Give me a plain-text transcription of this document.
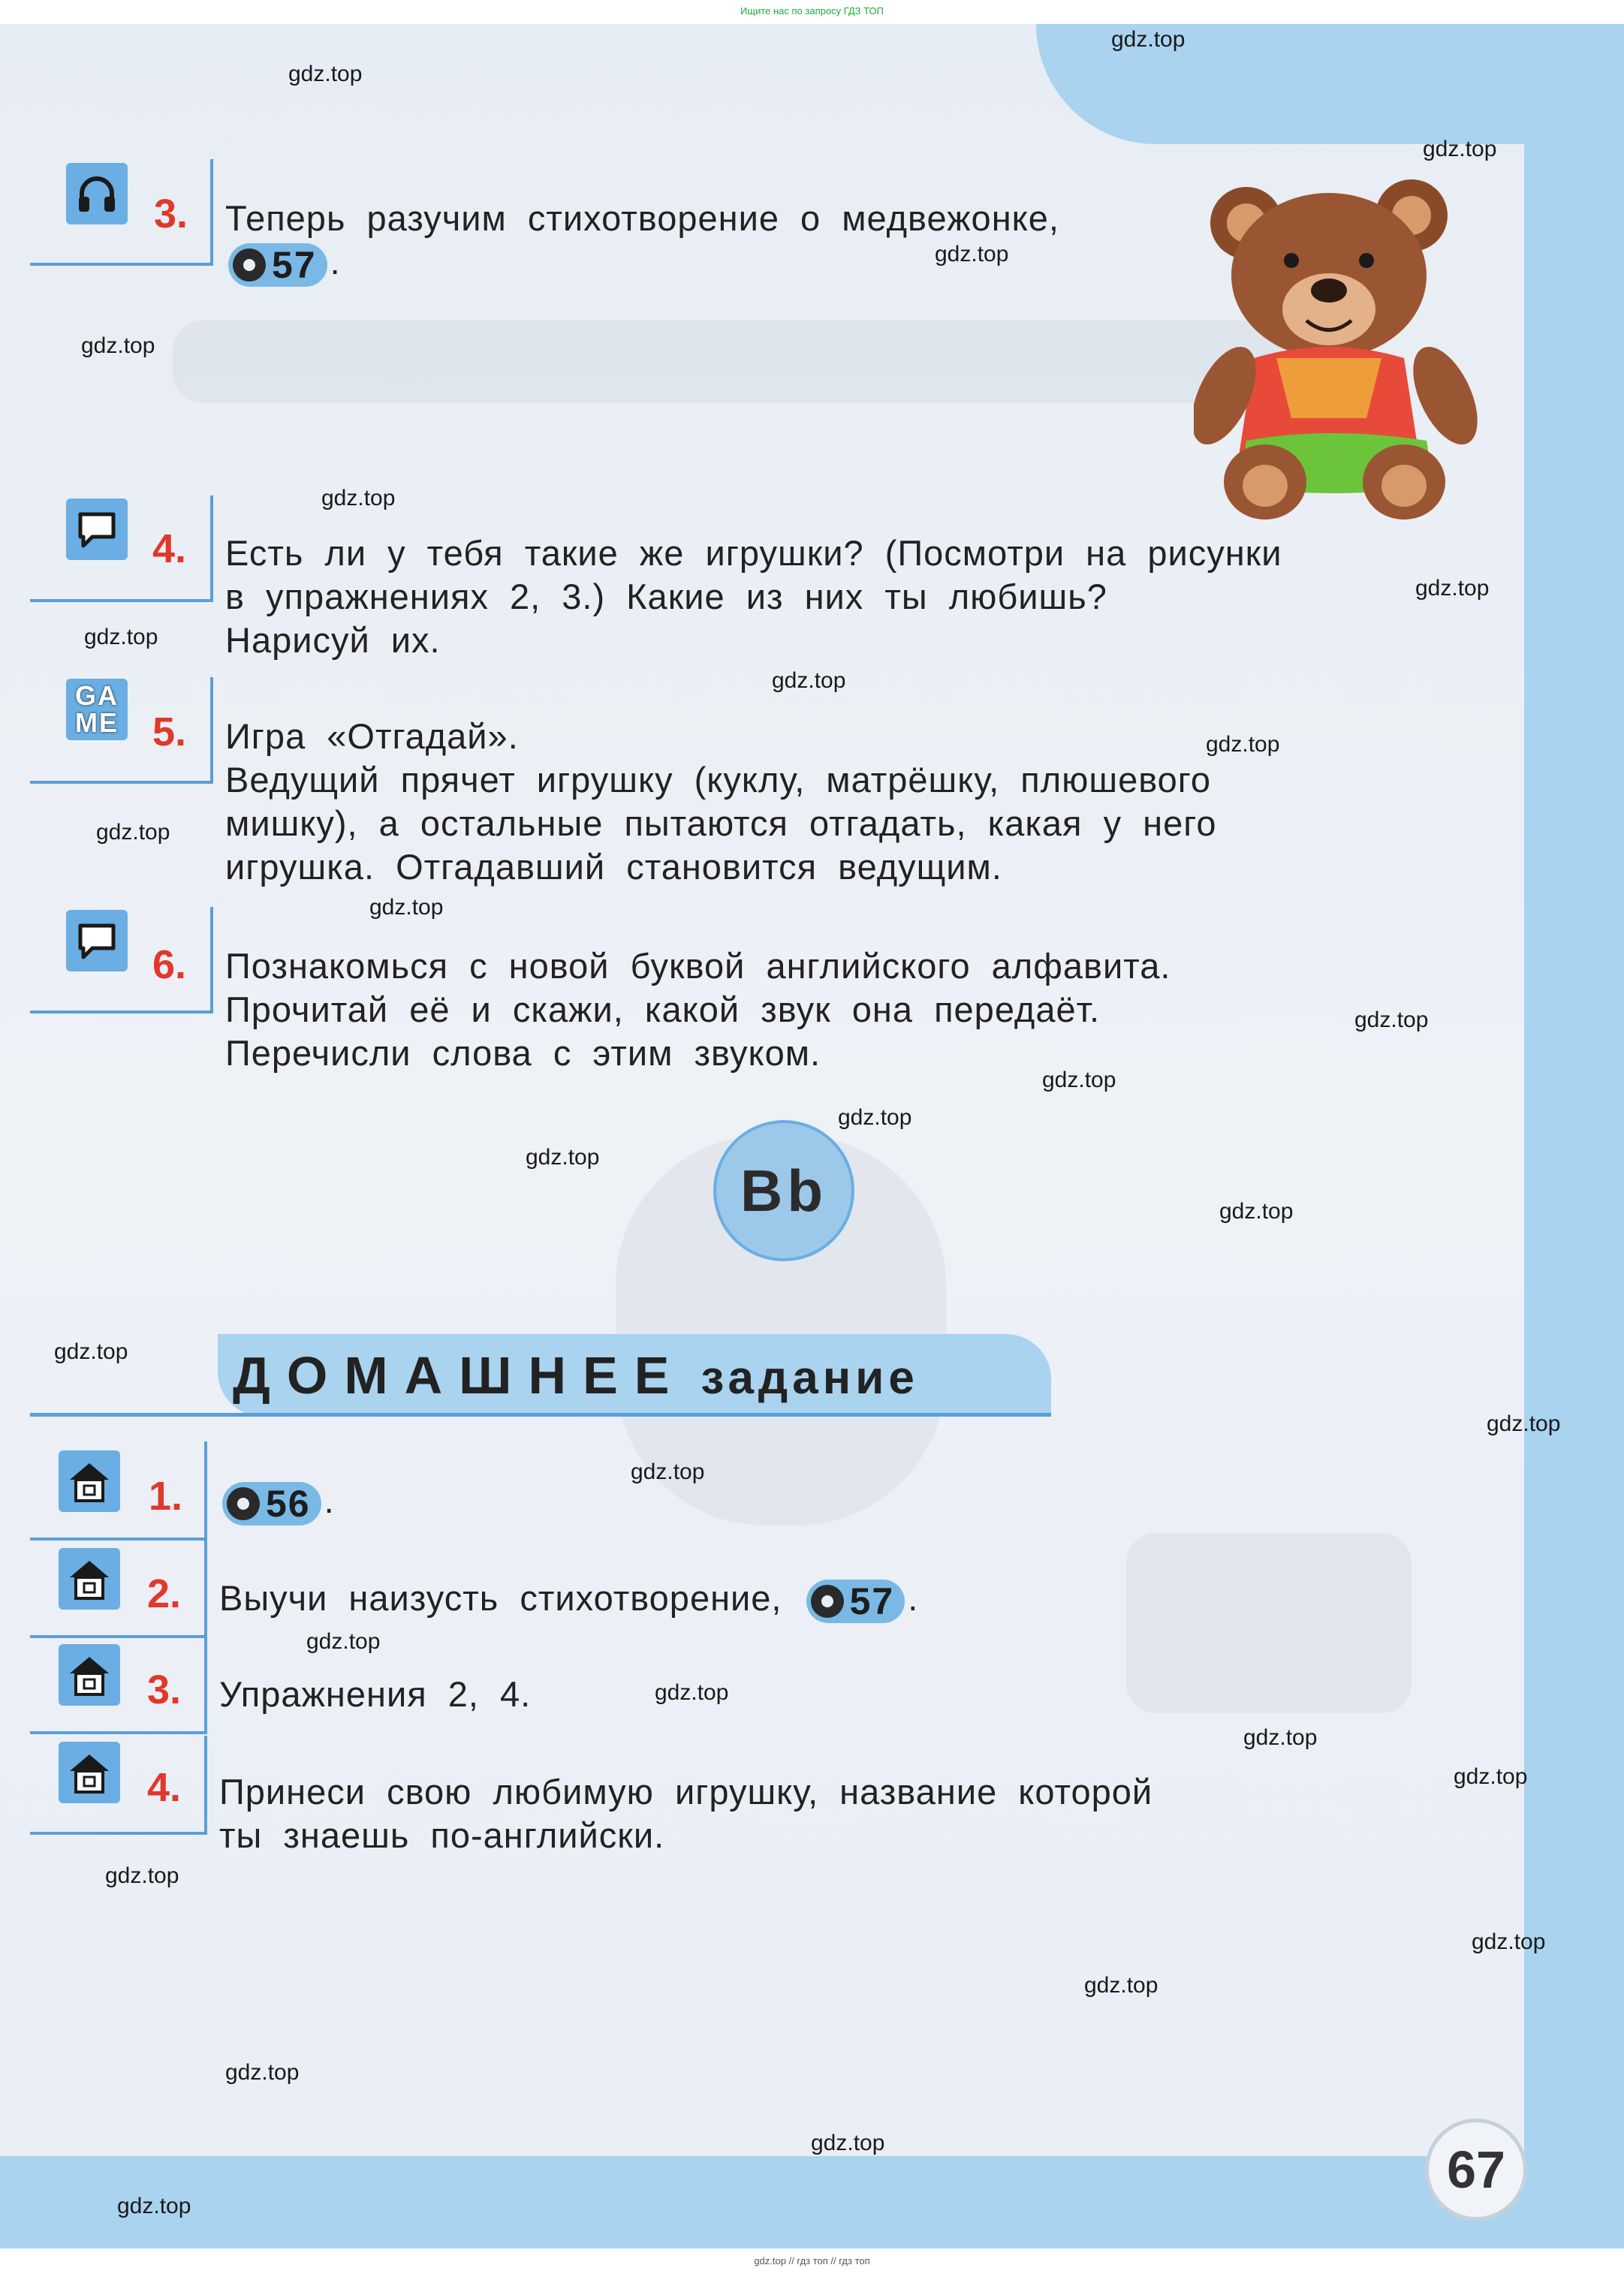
Ищите нас по запросу ГДЗ ТОП
3. Теперь разучим стихотворение о медвежонке,

57 .
4. Есть ли у тебя такие же игрушки? (Посмотри на рисунки
в упражнениях 2, 3.) Какие из них ты любишь?
Нарисуй их.
GA
ME 5. Игра «Отгадай».
Ведущий прячет игрушку (куклу, матрёшку, плюшевого
мишку), а остальные пытаются отгадать, какая у него
игрушка. Отгадавший становится ведущим.
6. Познакомься с новой буквой английского алфавита.
Прочитай её и скажи, какой звук она передаёт.
Перечисли слова с этим звуком.
Bb
ДОМАШНЕЕ задание
1. 56 .
2. Выучи наизусть стихотворение, 57 .
3. Упражнения 2, 4.
4. Принеси свою любимую игрушку, название которой
ты знаешь по-английски.
67
gdz.top
gdz.top
gdz.top
gdz.top
gdz.top
gdz.top
gdz.top
gdz.top
gdz.top
gdz.top
gdz.top
gdz.top
gdz.top
gdz.top
gdz.top
gdz.top
gdz.top
gdz.top
gdz.top
gdz.top
gdz.top
gdz.top
gdz.top
gdz.top
gdz.top
gdz.top
gdz.top
gdz.top
gdz.top
gdz.top
gdz.top // гдз топ // гдз топ
